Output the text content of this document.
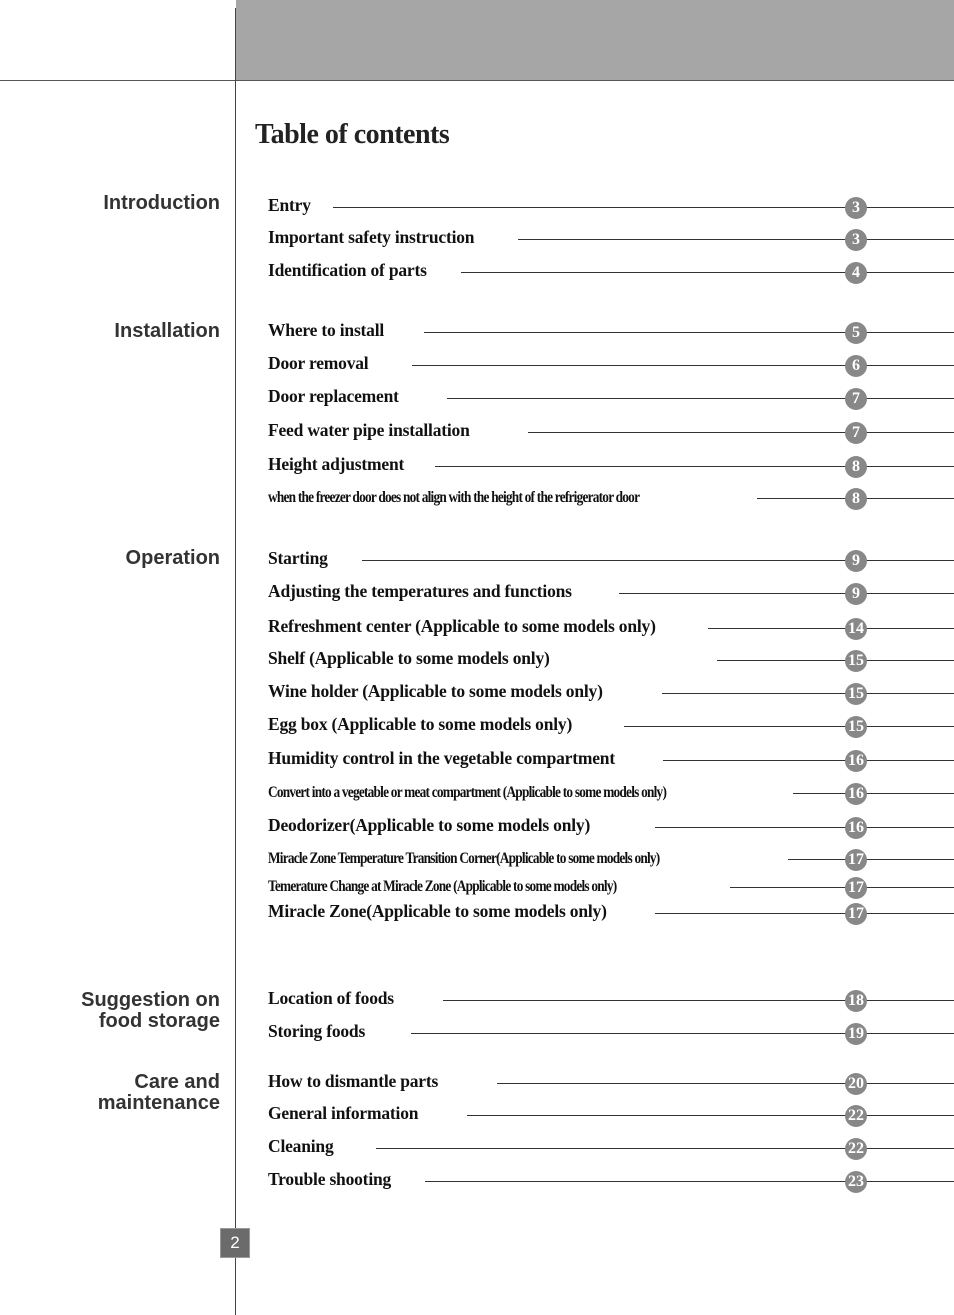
Table of contents
Introduction	Entry	3
Important safety instruction	3
Identification of parts	4
Installation	Where to install	5
Door removal	6
Door replacement	7
Feed water pipe installation	7
Height adjustment	8
when the freezer door does not align with the height of the refrigerator door	8
Operation	Starting	9
Adjusting the temperatures and functions	9
Refreshment center (Applicable to some models only)	14
Shelf (Applicable to some models only)	15
Wine holder (Applicable to some models only)	15
Egg box (Applicable to some models only)	15
Humidity control in the vegetable compartment	16
Convert into a vegetable or meat compartment (Applicable to some models only)	16
Deodorizer(Applicable to some models only)	16
Miracle Zone Temperature Transition Corner(Applicable to some models only)	17
Temerature Change at Miracle Zone (Applicable to some models only)	17
Miracle Zone(Applicable to some models only)	17
Suggestion on
food storage
Location of foods	18
Storing foods	19
Care and
maintenance
How to dismantle parts	20
General information	22
Cleaning	22
Trouble shooting	23
2
